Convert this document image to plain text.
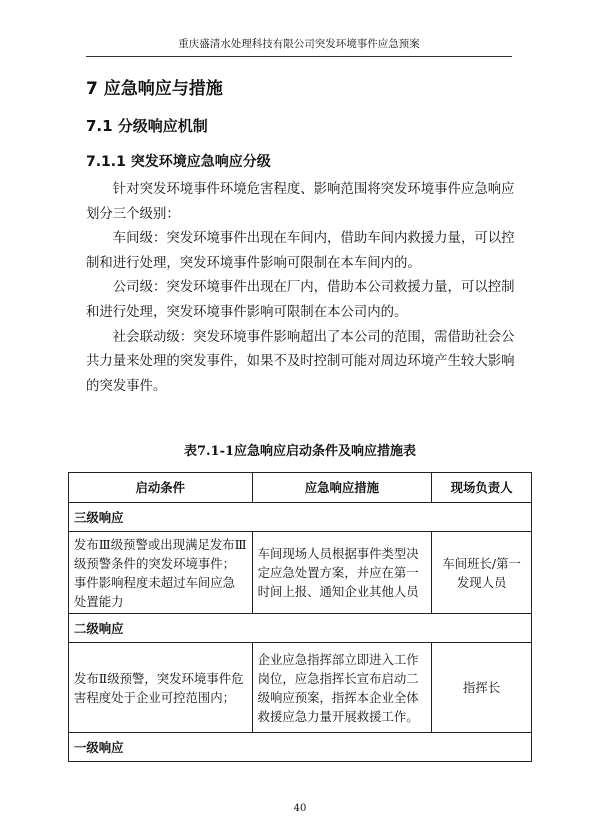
重庆盛清水处理科技有限公司突发环境事件应急预案
7 应急响应与措施
7.1 分级响应机制
7.1.1 突发环境应急响应分级

针对突发环境事件环境危害程度、影响范围将突发环境事件应急响应划分三个级别：

车间级：突发环境事件出现在车间内，借助车间内救援力量，可以控制和进行处理，突发环境事件影响可限制在本车间内的。

公司级：突发环境事件出现在厂内，借助本公司救援力量，可以控制和进行处理，突发环境事件影响可限制在本公司内的。

社会联动级：突发环境事件影响超出了本公司的范围，需借助社会公共力量来处理的突发事件，如果不及时控制可能对周边环境产生较大影响的突发事件。

表7.1-1应急响应启动条件及响应措施表
启动条件	应急响应措施	现场负责人
三级响应		
发布Ⅲ级预警或出现满足发布Ⅲ级预警条件的突发环境事件；事件影响程度未超过车间应急处置能力	车间现场人员根据事件类型决定应急处置方案，并应在第一时间上报、通知企业其他人员	车间班长/第一发现人员
二级响应		
发布Ⅱ级预警，突发环境事件危害程度处于企业可控范围内；	企业应急指挥部立即进入工作岗位，应急指挥长宣布启动二级响应预案，指挥本企业全体救援应急力量开展救援工作。	指挥长
一级响应		
40
